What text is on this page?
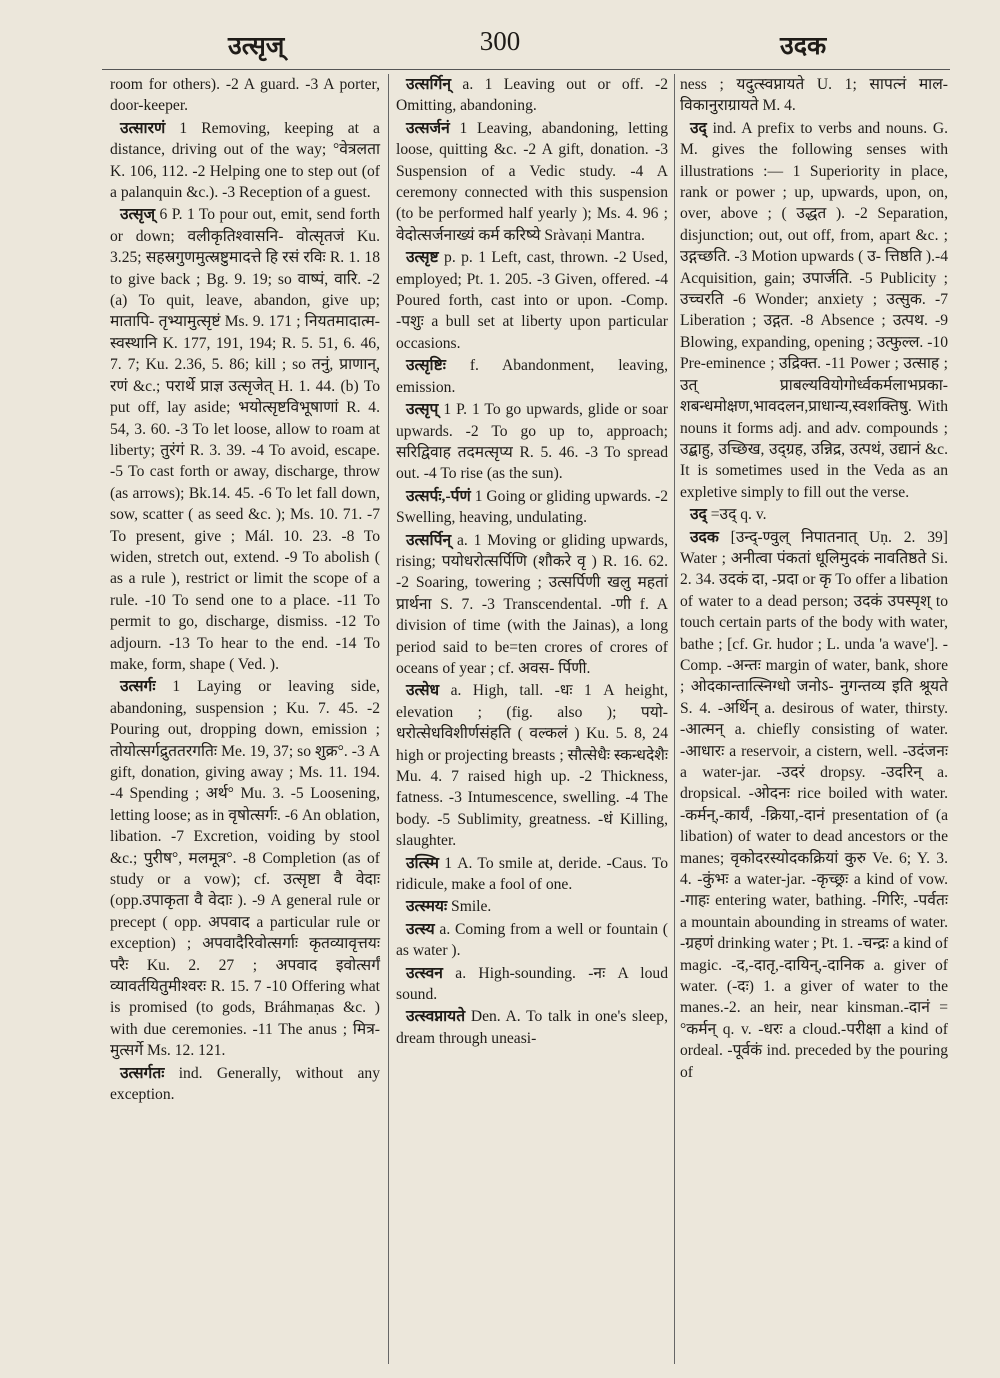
उत्सृज्	300	उदक

room for others). -2 A guard. -3 A porter, door-keeper.

उत्सारणं 1 Removing, keeping at a distance, driving out of the way; °वेत्रलता K. 106, 112. -2 Helping one to step out (of a palanquin &c.). -3 Reception of a guest.

उत्सृज् 6 P. 1 To pour out, emit, send forth or down; वलीकृतिश्वासनि- वोत्सृतजं Ku. 3.25; सहस्रगुणमुत्स्रष्टुमादत्ते हि रसं रविः R. 1. 18 to give back ; Bg. 9. 19; so वाष्पं, वारि. -2 (a) To quit, leave, abandon, give up; मातापि- तृभ्यामुत्सृष्टं Ms. 9. 171 ; नियतमादात्म- स्वस्थानि K. 177, 191, 194; R. 5. 51, 6. 46, 7. 7; Ku. 2.36, 5. 86; kill ; so तनुं, प्राणान्, रणं &c.; परार्थे प्राज्ञ उत्सृजेत् H. 1. 44. (b) To put off, lay aside; भयोत्सृष्टविभूषाणां R. 4. 54, 3. 60. -3 To let loose, allow to roam at liberty; तुरंगं R. 3. 39. -4 To avoid, escape. -5 To cast forth or away, discharge, throw (as arrows); Bk.14. 45. -6 To let fall down, sow, scatter ( as seed &c. ); Ms. 10. 71. -7 To present, give ; Mál. 10. 23. -8 To widen, stretch out, extend. -9 To abolish ( as a rule ), restrict or limit the scope of a rule. -10 To send one to a place. -11 To permit to go, discharge, dismiss. -12 To adjourn. -13 To hear to the end. -14 To make, form, shape ( Ved. ).

उत्सर्गः 1 Laying or leaving side, abandoning, suspension ; Ku. 7. 45. -2 Pouring out, dropping down, emission ; तोयोत्सर्गद्रुततरगतिः Me. 19, 37; so शुक्र°. -3 A gift, donation, giving away ; Ms. 11. 194. -4 Spending ; अर्थ° Mu. 3. -5 Loosening, letting loose; as in वृषोत्सर्गः. -6 An oblation, libation. -7 Excretion, voiding by stool &c.; पुरीष°, मलमूत्र°. -8 Completion (as of study or a vow); cf. उत्सृष्टा वै वेदाः (opp.उपाकृता वै वेदाः ). -9 A general rule or precept ( opp. अपवाद a particular rule or exception) ; अपवादैरिवोत्सर्गाः कृतव्यावृत्तयः परैः Ku. 2. 27 ; अपवाद इवोत्सर्गं व्यावर्तयितुमीश्वरः R. 15. 7 -10 Offering what is promised (to gods, Bráhmaṇas &c. ) with due ceremonies. -11 The anus ; मित्र- मुत्सर्गे Ms. 12. 121.

उत्सर्गतः ind. Generally, without any exception.

उत्सर्गिन् a. 1 Leaving out or off. -2 Omitting, abandoning.

उत्सर्जनं 1 Leaving, abandoning, letting loose, quitting &c. -2 A gift, donation. -3 Suspension of a Vedic study. -4 A ceremony connected with this suspension (to be performed half yearly ); Ms. 4. 96 ; वेदोत्सर्जनाख्यं कर्म करिष्ये Sràvaṇi Mantra.

उत्सृष्ट p. p. 1 Left, cast, thrown. -2 Used, employed; Pt. 1. 205. -3 Given, offered. -4 Poured forth, cast into or upon. -Comp. -पशुः a bull set at liberty upon particular occasions.

उत्सृष्टिः f. Abandonment, leaving, emission.

उत्सृप् 1 P. 1 To go upwards, glide or soar upwards. -2 To go up to, approach; सरिद्विवाह तदमत्सृप्य R. 5. 46. -3 To spread out. -4 To rise (as the sun).

उत्सर्पः,-र्पणं 1 Going or gliding upwards. -2 Swelling, heaving, undulating.

उत्सर्पिन् a. 1 Moving or gliding upwards, rising; पयोधरोत्सर्पिणि (शौकरे वृ ) R. 16. 62. -2 Soaring, towering ; उत्सर्पिणी खलु महतां प्रार्थना S. 7. -3 Transcendental. -णी f. A division of time (with the Jainas), a long period said to be=ten crores of crores of oceans of year ; cf. अवस- र्पिणी.

उत्सेध a. High, tall. -धः 1 A height, elevation ; (fig. also ); पयो- धरोत्सेधविशीर्णसंहति ( वल्कलं ) Ku. 5. 8, 24 high or projecting breasts ; सौत्सेधैः स्कन्धदेशैः Mu. 4. 7 raised high up. -2 Thickness, fatness. -3 Intumescence, swelling. -4 The body. -5 Sublimity, greatness. -धं Killing, slaughter.

उत्स्मि 1 A. To smile at, deride. -Caus. To ridicule, make a fool of one.

उत्स्मयः Smile.

उत्स्य a. Coming from a well or fountain ( as water ).

उत्स्वन a. High-sounding. -नः A loud sound.

उत्स्वप्नायते Den. A. To talk in one's sleep, dream through uneasi-

ness ; यदुत्स्वप्नायते U. 1; सापत्नं माल- विकानुराग्रायते M. 4.

उद् ind. A prefix to verbs and nouns. G. M. gives the following senses with illustrations :— 1 Superiority in place, rank or power ; up, upwards, upon, on, over, above ; ( उद्धत ). -2 Separation, disjunction; out, out off, from, apart &c. ; उद्गच्छति. -3 Motion upwards ( उ- त्तिष्ठति ).-4 Acquisition, gain; उपार्जति. -5 Publicity ; उच्चरति -6 Wonder; anxiety ; उत्सुक. -7 Liberation ; उद्गत. -8 Absence ; उत्पथ. -9 Blowing, expanding, opening ; उत्फुल्ल. -10 Pre-eminence ; उद्रिक्त. -11 Power ; उत्साह ; उत् प्राबल्यवियोगोर्ध्वकर्मलाभप्रका- शबन्धमोक्षण,भावदलन,प्राधान्य,स्वशक्तिषु. With nouns it forms adj. and adv. compounds ; उद्बाहु, उच्छिख, उद्ग्रह, उन्निद्र, उत्पथं, उद्यानं &c. It is sometimes used in the Veda as an expletive simply to fill out the verse.

उद् =उद् q. v.

उदक [उन्द्-ण्वुल् निपातनात् Uṇ. 2. 39] Water ; अनीत्वा पंकतां धूलिमुदकं नावतिष्ठते Si. 2. 34. उदकं दा, -प्रदा or कृ To offer a libation of water to a dead person; उदकं उपस्पृश् to touch certain parts of the body with water, bathe ; [cf. Gr. hudor ; L. unda 'a wave']. -Comp. -अन्तः margin of water, bank, shore ; ओदकान्तात्स्निग्धो जनोऽ- नुगन्तव्य इति श्रूयते S. 4. -अर्थिन् a. desirous of water, thirsty. -आत्मन् a. chiefly consisting of water. -आधारः a reservoir, a cistern, well. -उदंजनः a water-jar. -उदरं dropsy. -उदरिन् a. dropsical. -ओदनः rice boiled with water. -कर्मन्,-कार्यं, -क्रिया,-दानं presentation of (a libation) of water to dead ancestors or the manes; वृकोदरस्योदकक्रियां कुरु Ve. 6; Y. 3. 4. -कुंभः a water-jar. -कृच्छ्रः a kind of vow. -गाहः entering water, bathing. -गिरिः, -पर्वतः a mountain abounding in streams of water. -ग्रहणं drinking water ; Pt. 1. -चन्द्रः a kind of magic. -द,-दातृ,-दायिन्,-दानिक a. giver of water. (-दः) 1. a giver of water to the manes.-2. an heir, near kinsman.-दानं = °कर्मन् q. v. -धरः a cloud.-परीक्षा a kind of ordeal. -पूर्वकं ind. preceded by the pouring of
